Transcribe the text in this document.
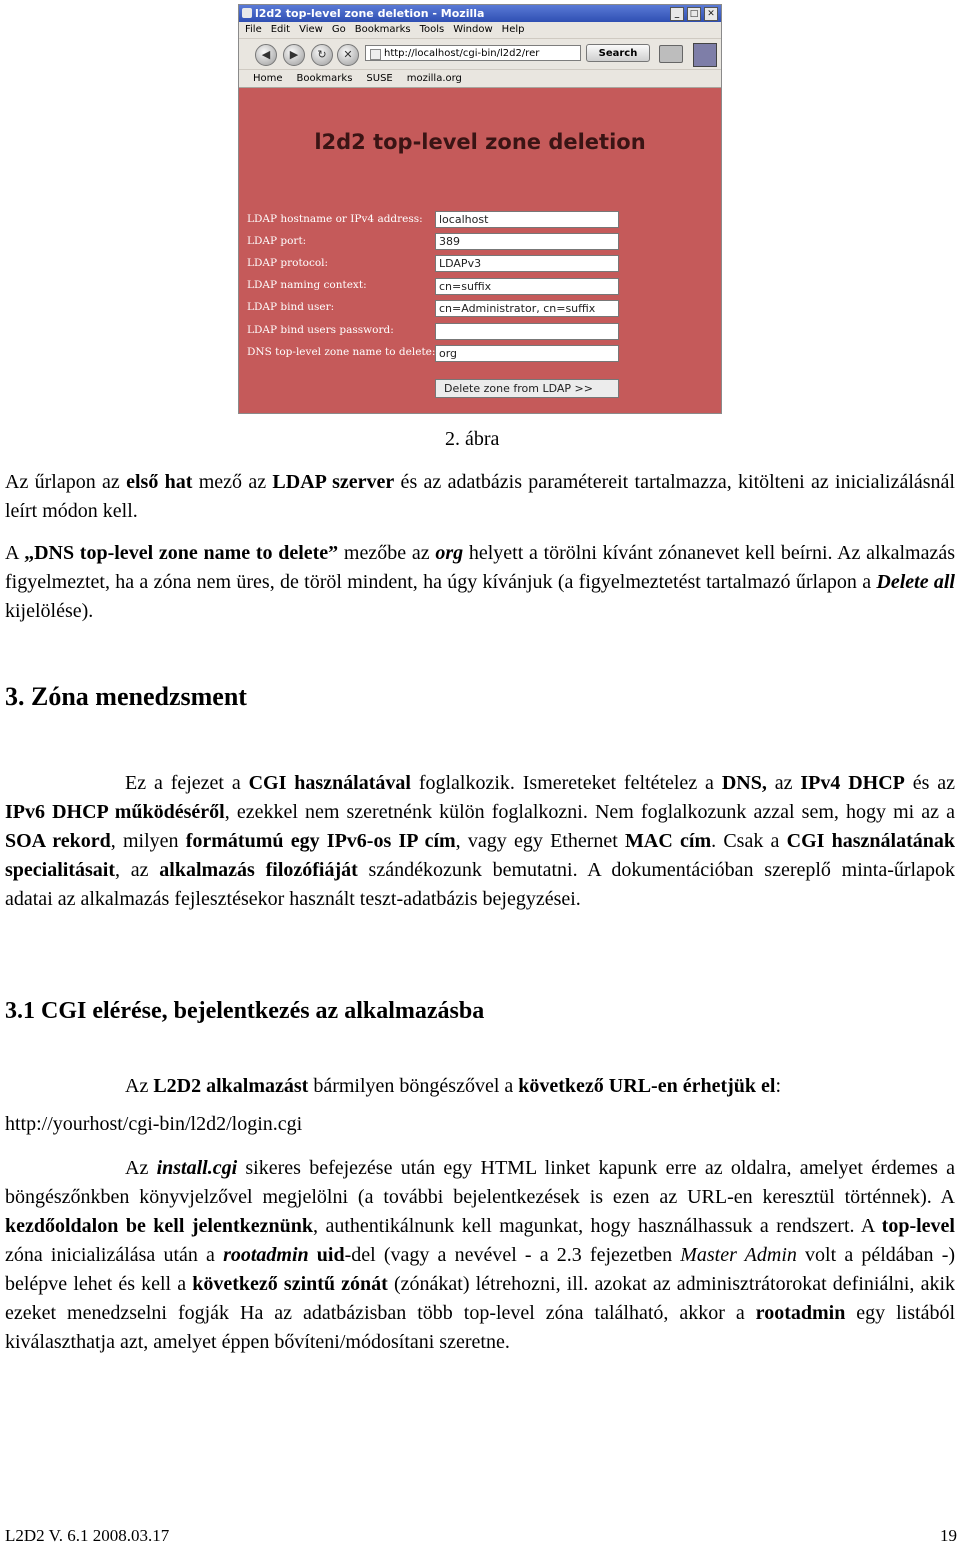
l2d2 top-level zone deletion - Mozilla	_	□ ✕
File Edit View Go Bookmarks Tools Window Help
◀	▶	↻	✕	http://localhost/cgi-bin/l2d2/rer	Search
Home Bookmarks SUSE mozilla.org
l2d2 top-level zone deletion
LDAP hostname or IPv4 address:	localhost
LDAP port:	389
LDAP protocol:	LDAPv3
LDAP naming context:	cn=suffix
LDAP bind user:	cn=Administrator, cn=suffix
LDAP bind users password:
DNS top-level zone name to delete: org
Delete zone from LDAP >>
2. ábra

Az űrlapon az első hat mező az LDAP szerver és az adatbázis paramétereit tartalmazza, kitölteni az inicializálásnál leírt módon kell.

A „DNS top-level zone name to delete” mezőbe az org helyett a törölni kívánt zónanevet kell beírni. Az alkalmazás figyelmeztet, ha a zóna nem üres, de töröl mindent, ha úgy kívánjuk (a figyelmeztetést tartalmazó űrlapon a Delete all kijelölése).

3. Zóna menedzsment

Ez a fejezet a CGI használatával foglalkozik. Ismereteket feltételez a DNS, az IPv4 DHCP és az IPv6 DHCP működéséről, ezekkel nem szeretnénk külön foglalkozni. Nem foglalkozunk azzal sem, hogy mi az a SOA rekord, milyen formátumú egy IPv6-os IP cím, vagy egy Ethernet MAC cím. Csak a CGI használatának specialitásait, az alkalmazás filozófiáját szándékozunk bemutatni. A dokumentációban szereplő minta-űrlapok adatai az alkalmazás fejlesztésekor használt teszt-adatbázis bejegyzései.

3.1 CGI elérése, bejelentkezés az alkalmazásba

Az L2D2 alkalmazást bármilyen böngészővel a következő URL-en érhetjük el:

http://yourhost/cgi-bin/l2d2/login.cgi

Az install.cgi sikeres befejezése után egy HTML linket kapunk erre az oldalra, amelyet érdemes a böngészőnkben könyvjelzővel megjelölni (a további bejelentkezések is ezen az URL-en keresztül történnek). A kezdőoldalon be kell jelentkeznünk, authentikálnunk kell magunkat, hogy használhassuk a rendszert. A top-level zóna inicializálása után a rootadmin uid-del (vagy a nevével - a 2.3 fejezetben Master Admin volt a példában -) belépve lehet és kell a következő szintű zónát (zónákat) létrehozni, ill. azokat az adminisztrátorokat definiálni, akik ezeket menedzselni fogják Ha az adatbázisban több top-level zóna található, akkor a rootadmin egy listából kiválaszthatja azt, amelyet éppen bővíteni/módosítani szeretne.

L2D2 V. 6.1 2008.03.17	19
